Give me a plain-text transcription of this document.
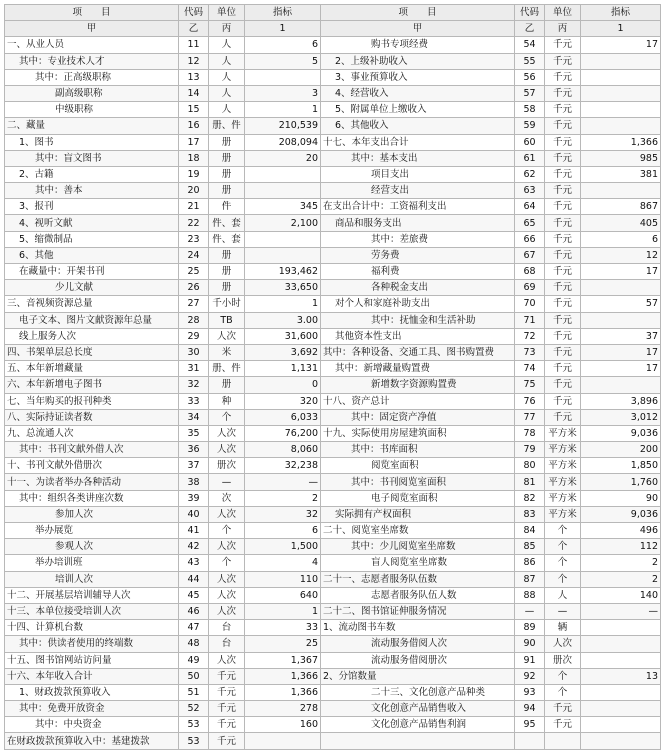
项　　目	代码	单位	指标	项　　目	代码	单位	指标
甲	乙	丙	1	甲	乙	丙	1
一、从业人员	11	人	6	购书专项经费	54	千元	17
其中：专业技术人才	12	人	5	2、上级补助收入	55	千元	
其中：正高级职称	13	人		3、事业预算收入	56	千元	
副高级职称	14	人	3	4、经营收入	57	千元	
中级职称	15	人	1	5、附属单位上缴收入	58	千元	
二、藏量	16	册、件	210,539	6、其他收入	59	千元	
1、图书	17	册	208,094	十七、本年支出合计	60	千元	1,366
其中：盲文图书	18	册	20	其中：基本支出	61	千元	985
2、古籍	19	册		项目支出	62	千元	381
其中：善本	20	册		经营支出	63	千元	
3、报刊	21	件	345	在支出合计中：工资福利支出	64	千元	867
4、视听文献	22	件、套	2,100	商品和服务支出	65	千元	405
5、缩微制品	23	件、套		其中：差旅费	66	千元	6
6、其他	24	册		劳务费	67	千元	12
在藏量中：开架书刊	25	册	193,462	福利费	68	千元	17
少儿文献	26	册	33,650	各种税金支出	69	千元	
三、音视频资源总量	27	千小时	1	对个人和家庭补助支出	70	千元	57
电子文本、图片文献资源年总量	28	TB	3.00	其中：抚恤金和生活补助	71	千元	
线上服务人次	29	人次	31,600	其他资本性支出	72	千元	37
四、书架单层总长度	30	米	3,692	其中：各种设备、交通工具、图书购置费	73	千元	17
五、本年新增藏量	31	册、件	1,131	其中：新增藏量购置费	74	千元	17
六、本年新增电子图书	32	册	0	新增数字资源购置费	75	千元	
七、当年购买的报刊种类	33	种	320	十八、资产总计	76	千元	3,896
八、实际持证读者数	34	个	6,033	其中：固定资产净值	77	千元	3,012
九、总流通人次	35	人次	76,200	十九、实际使用房屋建筑面积	78	平方米	9,036
其中：书刊文献外借人次	36	人次	8,060	其中：书库面积	79	平方米	200
十、书刊文献外借册次	37	册次	32,238	阅览室面积	80	平方米	1,850
十一、为读者举办各种活动	38	—	—	其中：书刊阅览室面积	81	平方米	1,760
其中：组织各类讲座次数	39	次	2	电子阅览室面积	82	平方米	90
参加人次	40	人次	32	实际拥有产权面积	83	平方米	9,036
举办展览	41	个	6	二十、阅览室坐席数	84	个	496
参观人次	42	人次	1,500	其中：少儿阅览室坐席数	85	个	112
举办培训班	43	个	4	盲人阅览室坐席数	86	个	2
培训人次	44	人次	110	二十一、志愿者服务队伍数	87	个	2
十二、开展基层培训辅导人次	45	人次	640	志愿者服务队伍人数	88	人	140
十三、本单位接受培训人次	46	人次	1	二十二、图书馆证伸服务情况	—	—	—
十四、计算机台数	47	台	33	1、流动图书车数	89	辆	
其中：供读者使用的终端数	48	台	25	流动服务借阅人次	90	人次	
十五、图书馆网站访问量	49	人次	1,367	流动服务借阅册次	91	册次	
十六、本年收入合计	50	千元	1,366	2、分馆数量	92	个	13
1、财政拨款预算收入	51	千元	1,366	二十三、文化创意产品种类	93	个	
其中：免费开放资金	52	千元	278	文化创意产品销售收入	94	千元	
其中：中央资金	53	千元	160	文化创意产品销售利润	95	千元	
在财政拨款预算收入中：基建拨款	53	千元					
